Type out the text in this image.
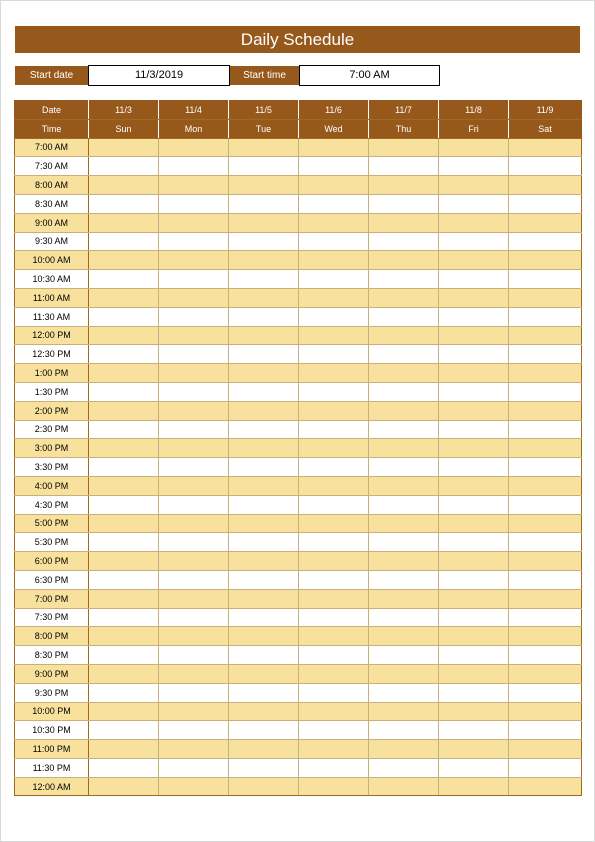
Daily Schedule
Start date	11/3/2019	Start time	7:00 AM
Date	11/3	11/4	11/5	11/6	11/7	11/8	11/9
Time	Sun	Mon	Tue	Wed	Thu	Fri	Sat
7:00 AM							
7:30 AM							
8:00 AM							
8:30 AM							
9:00 AM							
9:30 AM							
10:00 AM							
10:30 AM							
11:00 AM							
11:30 AM							
12:00 PM							
12:30 PM							
1:00 PM							
1:30 PM							
2:00 PM							
2:30 PM							
3:00 PM							
3:30 PM							
4:00 PM							
4:30 PM							
5:00 PM							
5:30 PM							
6:00 PM							
6:30 PM							
7:00 PM							
7:30 PM							
8:00 PM							
8:30 PM							
9:00 PM							
9:30 PM							
10:00 PM							
10:30 PM							
11:00 PM							
11:30 PM							
12:00 AM							
